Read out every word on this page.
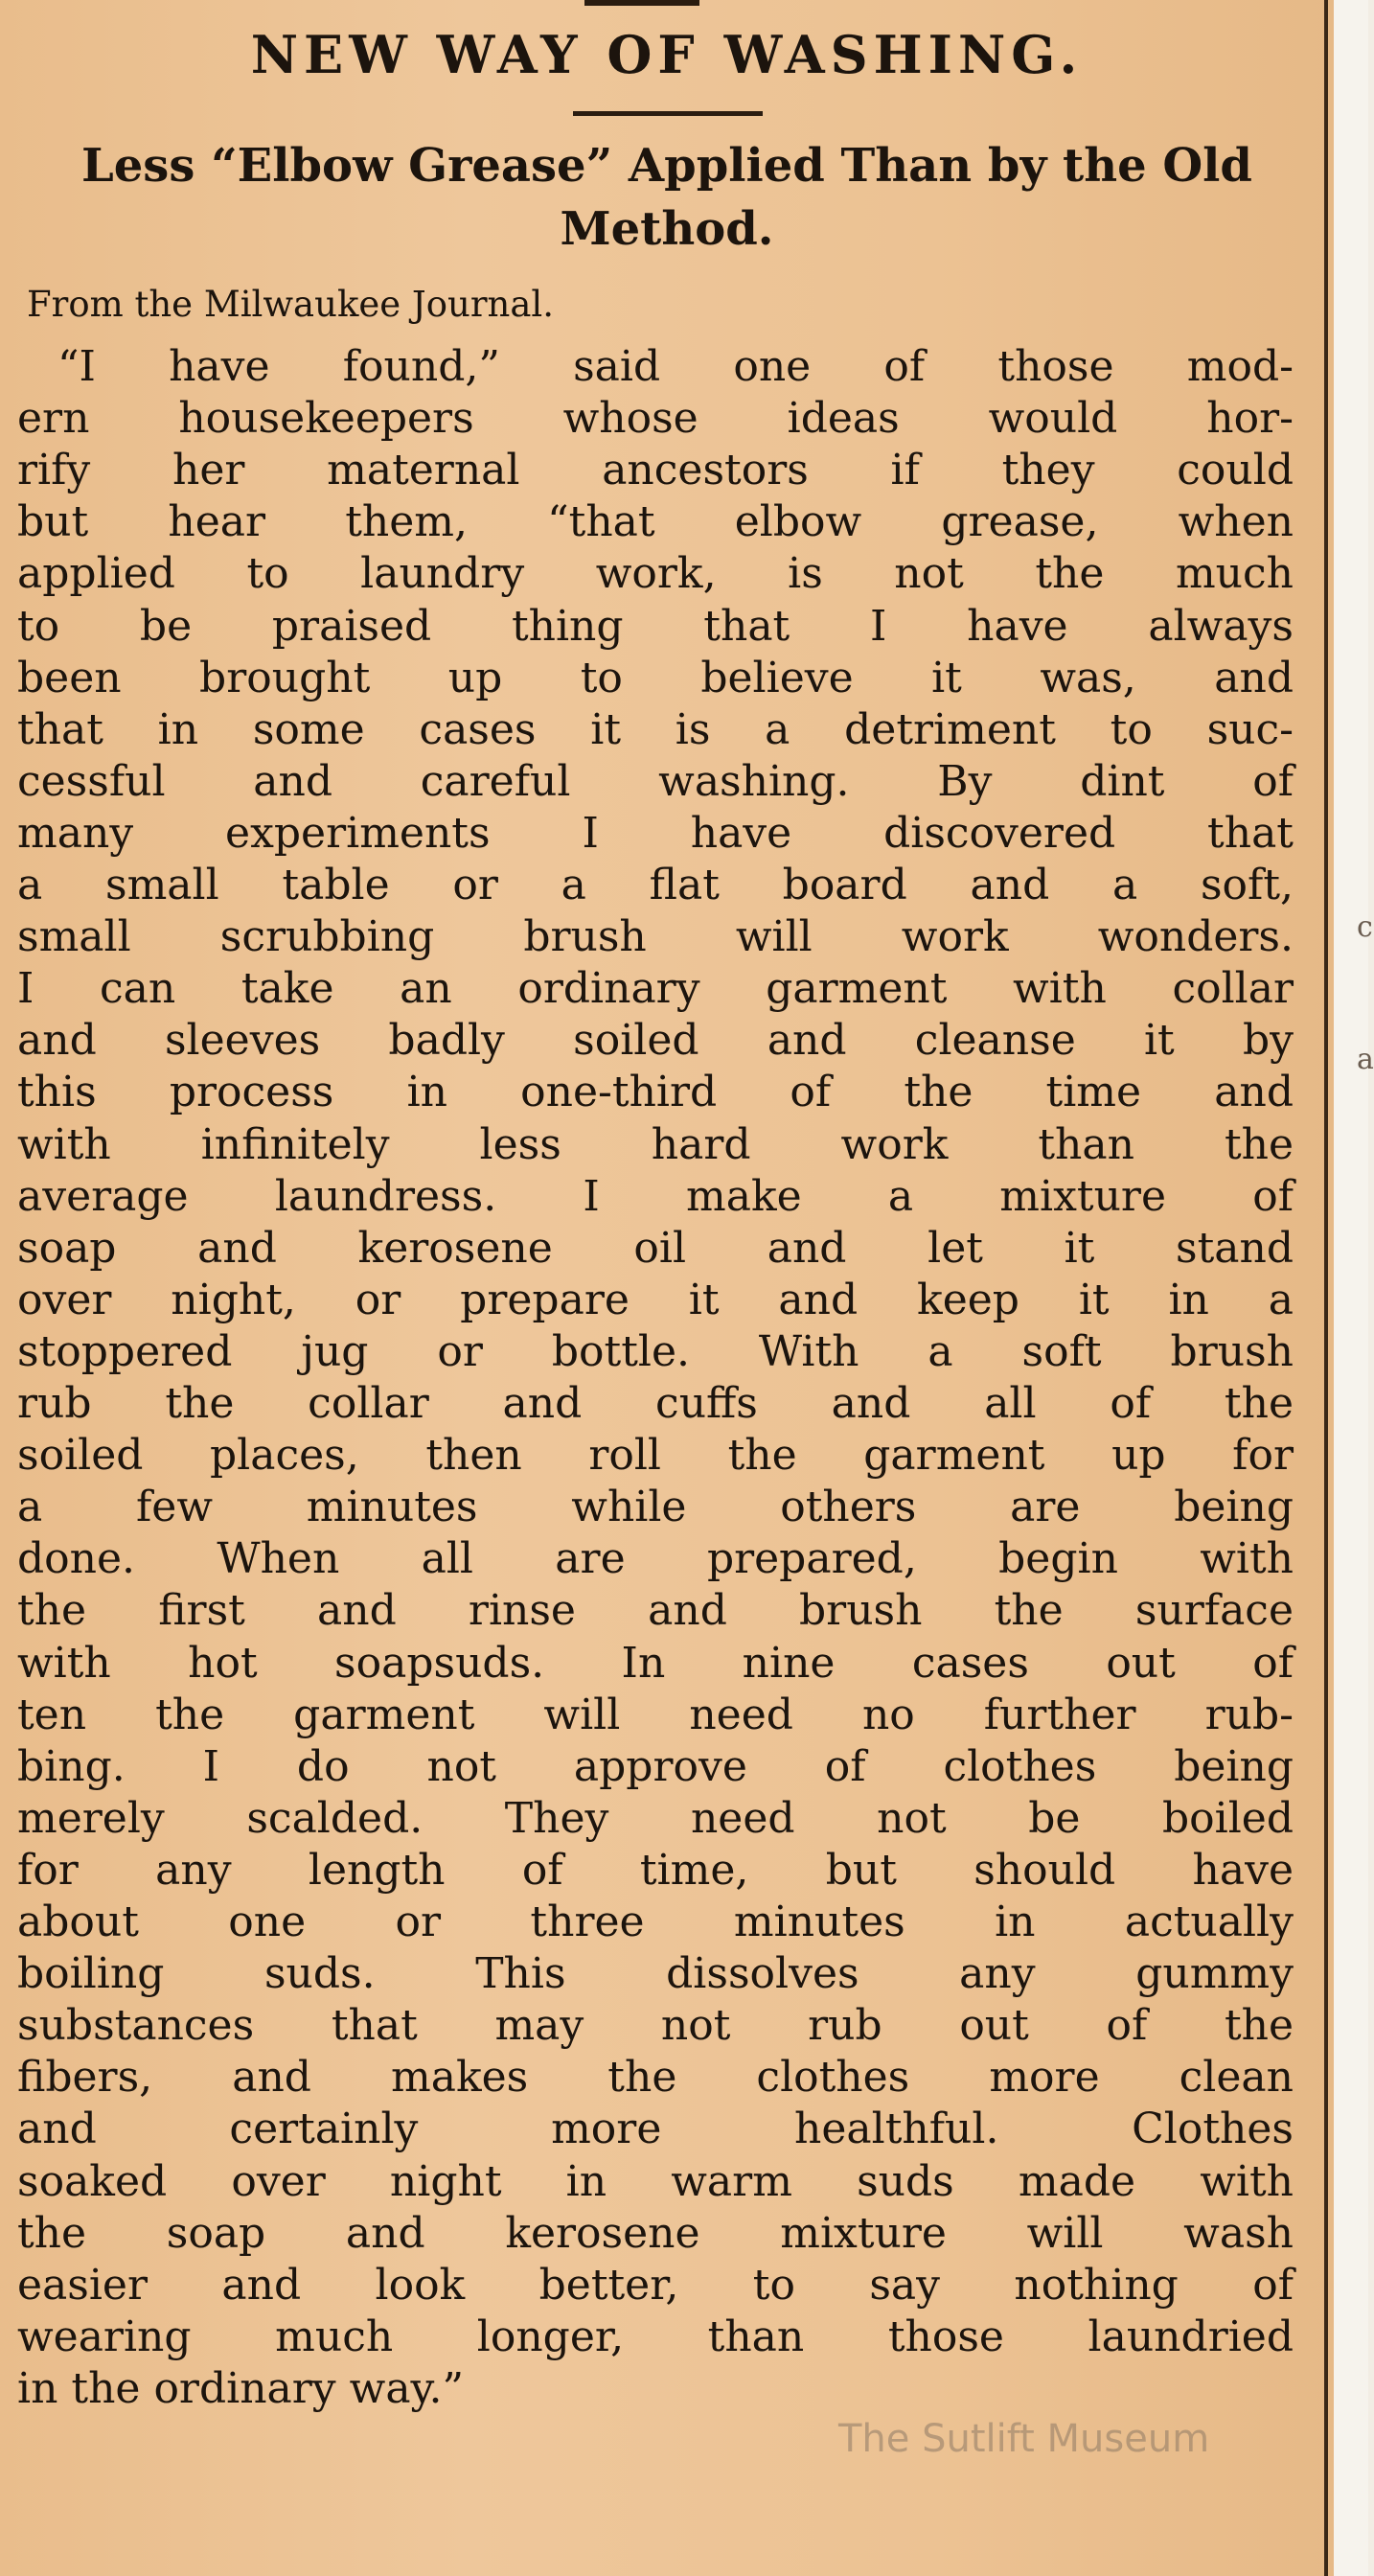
NEW WAY OF WASHING.
Less “Elbow Grease” Applied Than by the Old Method.

From the Milwaukee Journal.

“I have found,” said one of those mod-
ern housekeepers whose ideas would hor-
rify her maternal ancestors if they could
but hear them, “that elbow grease, when
applied to laundry work, is not the much
to be praised thing that I have always
been brought up to believe it was, and
that in some cases it is a detriment to suc-
cessful and careful washing. By dint of
many experiments I have discovered that
a small table or a flat board and a soft,
small scrubbing brush will work wonders.
I can take an ordinary garment with collar
and sleeves badly soiled and cleanse it by
this process in one-third of the time and
with infinitely less hard work than the
average laundress. I make a mixture of
soap and kerosene oil and let it stand
over night, or prepare it and keep it in a
stoppered jug or bottle. With a soft brush
rub the collar and cuffs and all of the
soiled places, then roll the garment up for
a few minutes while others are being
done. When all are prepared, begin with
the first and rinse and brush the surface
with hot soapsuds. In nine cases out of
ten the garment will need no further rub-
bing. I do not approve of clothes being
merely scalded. They need not be boiled
for any length of time, but should have
about one or three minutes in actually
boiling suds. This dissolves any gummy
substances that may not rub out of the
fibers, and makes the clothes more clean
and certainly more healthful. Clothes
soaked over night in warm suds made with
the soap and kerosene mixture will wash
easier and look better, to say nothing of
wearing much longer, than those laundried
in the ordinary way.”
The Sutlift Museum
c
a
